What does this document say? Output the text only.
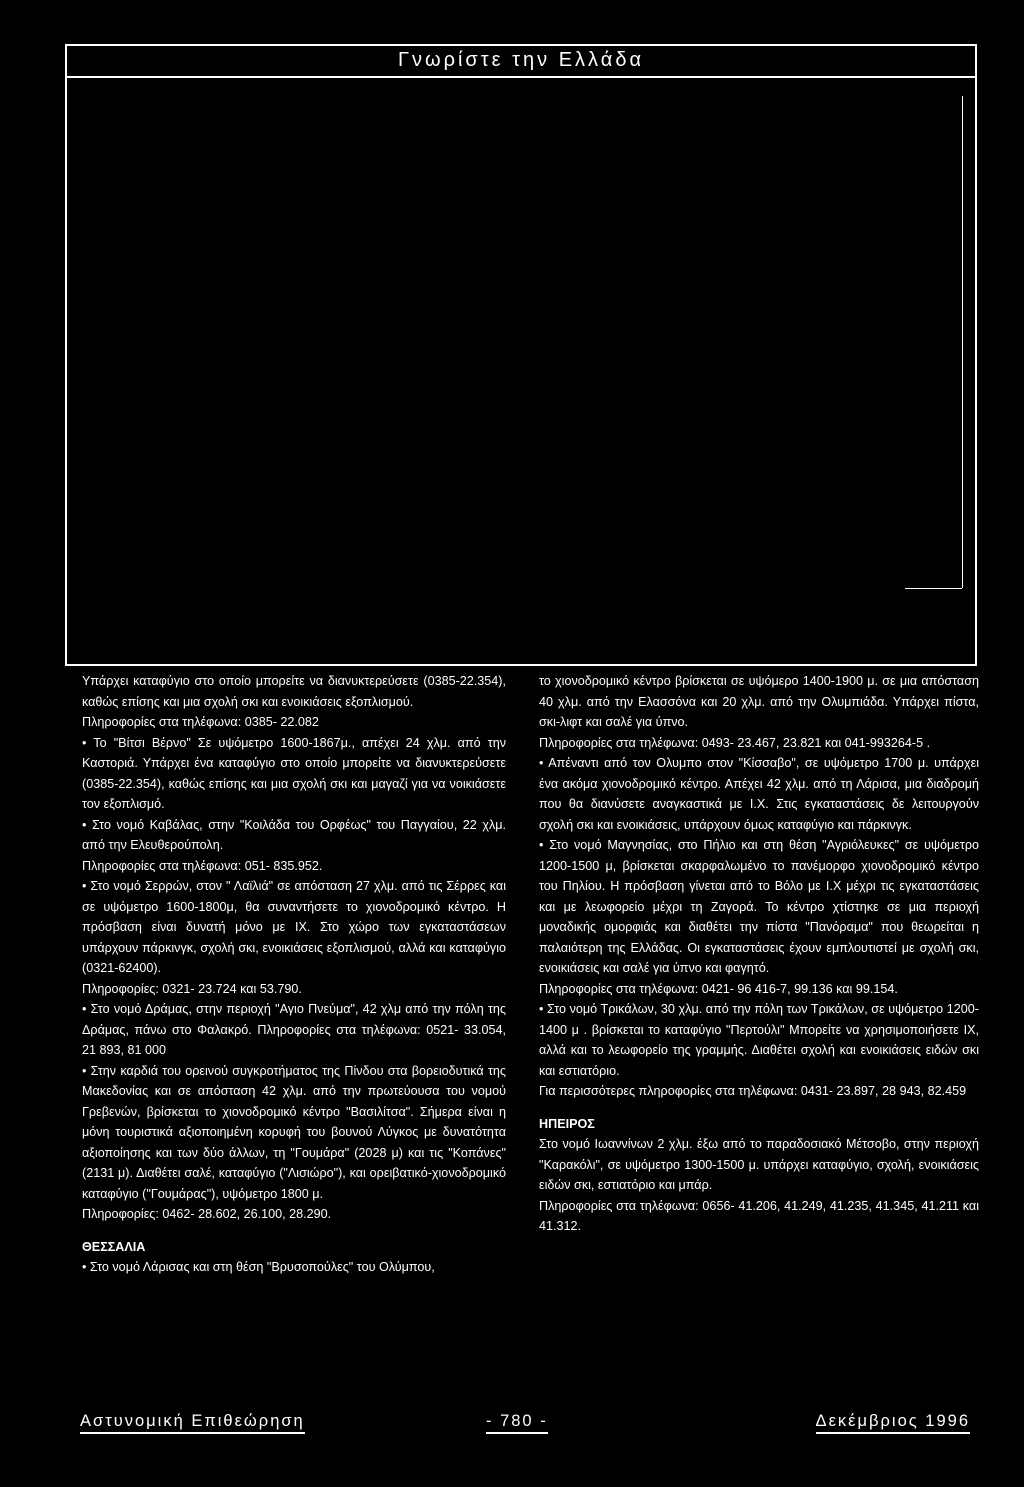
Γνωρίστε την Ελλάδα

Υπάρχει καταφύγιο στο οποίο μπορείτε να διανυκτερεύσετε (0385-22.354), καθώς επίσης και μια σχολή σκι και ενοικιάσεις εξοπλισμού.

Πληροφορίες στα τηλέφωνα: 0385- 22.082

• Το "Βίτσι Βέρνο" Σε υψόμετρο 1600-1867μ., απέχει 24 χλμ. από την Καστοριά. Υπάρχει ένα καταφύγιο στο οποίο μπορείτε να διανυκτερεύσετε (0385-22.354), καθώς επίσης και μια σχολή σκι και μαγαζί για να νοικιάσετε τον εξοπλισμό.

• Στο νομό Καβάλας, στην "Κοιλάδα του Ορφέως" του Παγγαίου, 22 χλμ. από την Ελευθερούπολη.

Πληροφορίες στα τηλέφωνα: 051- 835.952.

• Στο νομό Σερρών, στον " Λαϊλιά" σε απόσταση 27 χλμ. από τις Σέρρες και σε υψόμετρο 1600-1800μ, θα συναντήσετε το χιονοδρομικό κέντρο. Η πρόσβαση είναι δυνατή μόνο με ΙΧ. Στο χώρο των εγκαταστάσεων υπάρχουν πάρκινγκ, σχολή σκι, ενοικιάσεις εξοπλισμού, αλλά και καταφύγιο (0321-62400).

Πληροφορίες: 0321- 23.724 και 53.790.

• Στο νομό Δράμας, στην περιοχή "Αγιο Πνεύμα", 42 χλμ από την πόλη της Δράμας, πάνω στο Φαλακρό. Πληροφορίες στα τηλέφωνα: 0521- 33.054, 21 893, 81 000

• Στην καρδιά του ορεινού συγκροτήματος της Πίνδου στα βορειοδυτικά της Μακεδονίας και σε απόσταση 42 χλμ. από την πρωτεύουσα του νομού Γρεβενών, βρίσκεται το χιονοδρομικό κέντρο "Βασιλίτσα". Σήμερα είναι η μόνη τουριστικά αξιοποιημένη κορυφή του βουνού Λύγκος με δυνατότητα αξιοποίησης και των δύο άλλων, τη "Γουμάρα" (2028 μ) και τις "Κοπάνες" (2131 μ). Διαθέτει σαλέ, καταφύγιο ("Λισιώρο"), και ορειβατικό-χιονοδρομικό καταφύγιο ("Γουμάρας"), υψόμετρο 1800 μ.

Πληροφορίες: 0462- 28.602, 26.100, 28.290.

ΘΕΣΣΑΛΙΑ

• Στο νομό Λάρισας και στη θέση "Βρυσοπούλες" του Ολύμπου,

το χιονοδρομικό κέντρο βρίσκεται σε υψόμερο 1400-1900 μ. σε μια απόσταση 40 χλμ. από την Ελασσόνα και 20 χλμ. από την Ολυμπιάδα. Υπάρχει πίστα, σκι-λιφτ και σαλέ για ύπνο.

Πληροφορίες στα τηλέφωνα: 0493- 23.467, 23.821 και 041-993264-5 .

• Απέναντι από τον Ολυμπο στον "Κίσσαβο", σε υψόμετρο 1700 μ. υπάρχει ένα ακόμα χιονοδρομικό κέντρο. Απέχει 42 χλμ. από τη Λάρισα, μια διαδρομή που θα διανύσετε αναγκαστικά με Ι.Χ. Στις εγκαταστάσεις δε λειτουργούν σχολή σκι και ενοικιάσεις, υπάρχουν όμως καταφύγιο και πάρκινγκ.

• Στο νομό Μαγνησίας, στο Πήλιο και στη θέση "Αγριόλευκες" σε υψόμετρο 1200-1500 μ, βρίσκεται σκαρφαλωμένο το πανέμορφο χιονοδρομικό κέντρο του Πηλίου. Η πρόσβαση γίνεται από το Βόλο με Ι.Χ μέχρι τις εγκαταστάσεις και με λεωφορείο μέχρι τη Ζαγορά. Το κέντρο χτίστηκε σε μια περιοχή μοναδικής ομορφιάς και διαθέτει την πίστα "Πανόραμα" που θεωρείται η παλαιότερη της Ελλάδας. Οι εγκαταστάσεις έχουν εμπλουτιστεί με σχολή σκι, ενοικιάσεις και σαλέ για ύπνο και φαγητό.

Πληροφορίες στα τηλέφωνα: 0421- 96 416-7, 99.136 και 99.154.

• Στο νομό Τρικάλων, 30 χλμ. από την πόλη των Τρικάλων, σε υψόμετρο 1200-1400 μ . βρίσκεται το καταφύγιο "Περτούλι" Μπορείτε να χρησιμοποιήσετε ΙΧ, αλλά και το λεωφορείο της γραμμής. Διαθέτει σχολή και ενοικιάσεις ειδών σκι και εστιατόριο.

Για περισσότερες πληροφορίες στα τηλέφωνα: 0431- 23.897, 28 943, 82.459

ΗΠΕΙΡΟΣ

Στο νομό Ιωαννίνων 2 χλμ. έξω από το παραδοσιακό Μέτσοβο, στην περιοχή "Καρακόλι", σε υψόμετρο 1300-1500 μ. υπάρχει καταφύγιο, σχολή, ενοικιάσεις ειδών σκι, εστιατόριο και μπάρ.

Πληροφορίες στα τηλέφωνα: 0656- 41.206, 41.249, 41.235, 41.345, 41.211 και 41.312.

Αστυνομική Επιθεώρηση	- 780 -	Δεκέμβριος 1996
